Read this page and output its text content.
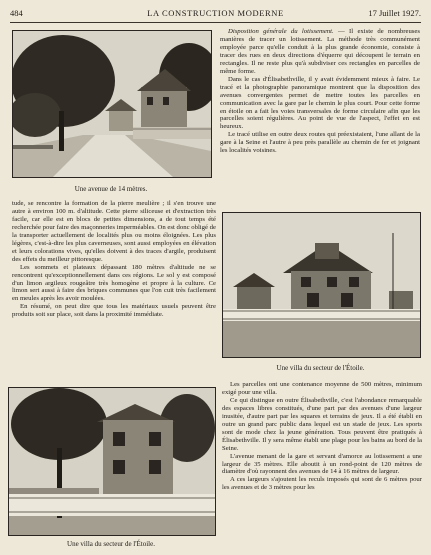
484	LA CONSTRUCTION MODERNE	17 Juillet 1927.
Une avenue de 14 mètres.

Disposition générale du lotissement. — Il existe de nombreuses manières de tracer un lotissement. La méthode très communément employée parce qu'elle conduit à la plus grande économie, consiste à tracer des rues en deux directions d'équerre qui découpent le terrain en rectangles. Il ne reste plus qu'à subdiviser ces rectangles en parcelles de même forme.

Dans le cas d'Élisabethville, il y avait évidemment mieux à faire. Le tracé et la photographie panoramique montrent que la disposition des avenues convergentes permet de mettre toutes les parcelles en communication avec la gare par le chemin le plus court. Pour cette forme en étoile on a fait les voies transversales de forme circulaire afin que les parcelles soient régulières. Au point de vue de l'aspect, l'effet en est heureux.

Le tracé utilise en outre deux routes qui préexistaient, l'une allant de la gare à la Seine et l'autre à peu près parallèle au chemin de fer et joignant les localités voisines.

tude, se rencontre la formation de la pierre meulière ; il s'en trouve une autre à environ 100 m. d'altitude. Cette pierre siliceuse et d'extraction très facile, car elle est en blocs de petites dimensions, a de tout temps été recherchée pour faire des maçonneries imperméables. On est donc obligé de la transporter actuellement de localités plus ou moins éloignées. Les plus légères, c'est-à-dire les plus caverneuses, sont aussi employées en élévation et leurs colorations vives, qu'elles doivent à des traces d'argile, produisent des effets du meilleur pittoresque.

Les sommets et plateaux dépassant 180 mètres d'altitude ne se rencontrent qu'exceptionnellement dans ces régions. Le sol y est composé d'un limon argileux rougeâtre très homogène et propre à la culture. Ce limon sert aussi à faire des briques communes que l'on cuit très facilement en meules après les avoir moulées.

En résumé, on peut dire que tous les matériaux usuels peuvent être produits soit sur place, soit dans la proximité immédiate.

Une villa du secteur de l'Étoile.
Une villa du secteur de l'Étoile.

Les parcelles ont une contenance moyenne de 500 mètres, minimum exigé pour une villa.

Ce qui distingue en outre Élisabethville, c'est l'abondance remarquable des espaces libres constitués, d'une part par des avenues d'une largeur inusitée, d'autre part par les squares et terrains de jeux. Il a été établi en outre un grand parc public dans lequel est un stade de jeux. Les sports sont de mode chez la jeune génération. Tous peuvent être pratiqués à Élisabethville. Il y sera même établi une plage pour les bains au bord de la Seine.

L'avenue menant de la gare et servant d'amorce au lotissement a une largeur de 35 mètres. Elle aboutit à un rond-point de 120 mètres de diamètre d'où rayonnent des avenues de 14 à 16 mètres de largeur.

A ces largeurs s'ajoutent les reculs imposés qui sont de 6 mètres pour les avenues et de 3 mètres pour les
